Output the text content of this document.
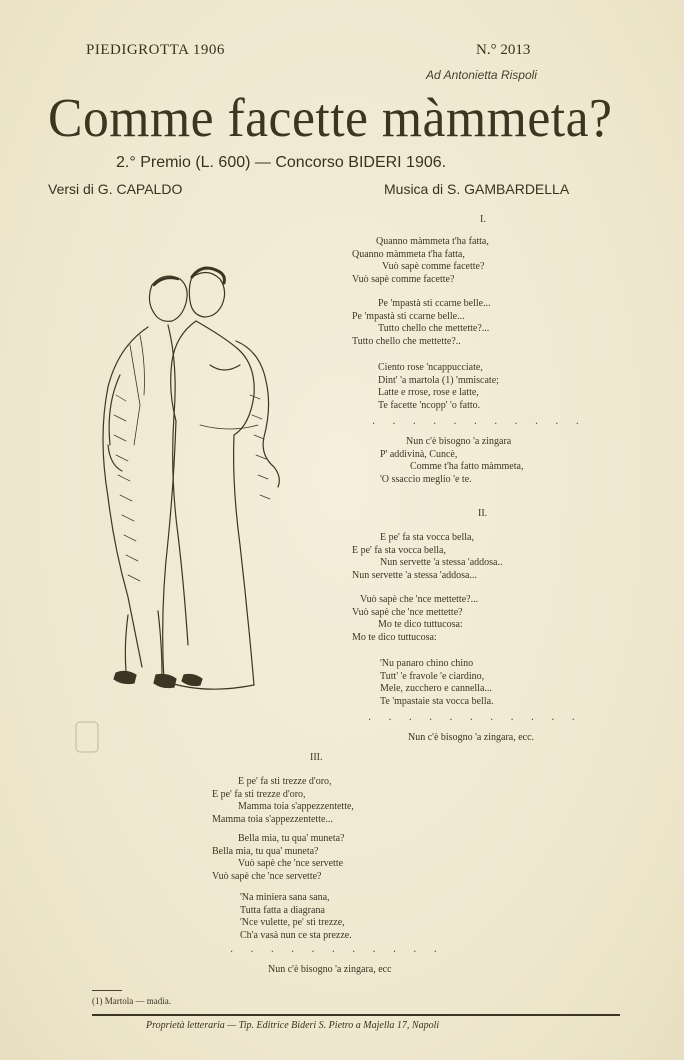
PIEDIGROTTA 1906	N.° 2013
Ad Antonietta Rispoli
Comme facette màmmeta?
2.° Premio (L. 600) — Concorso BIDERI 1906.
Versi di G. CAPALDO	Musica di S. GAMBARDELLA
I.
Quanno màmmeta t'ha fatta,
Quanno màmmeta t'ha fatta,
Vuò sapè comme facette?
Vuò sapè comme facette?
Pe 'mpastà sti ccarne belle...
Pe 'mpastà sti ccarne belle...
Tutto chello che mettette?...
Tutto chello che mettette?..
Ciento rose 'ncappucciate,
Dint' 'a martola (1) 'mmiscate;
Latte e rrose, rose e latte,
Te facette 'ncopp' 'o fatto.
. . . . . . . . . . .
Nun c'è bisogno 'a zingara
P' addivinà, Cuncè,
Comme t'ha fatto màmmeta,
'O ssaccio meglio 'e te.
II.
E pe' fa sta vocca bella,
E pe' fa sta vocca bella,
Nun servette 'a stessa 'addosa..
Nun servette 'a stessa 'addosa...
Vuò sapè che 'nce mettette?...
Vuò sapè che 'nce mettette?
Mo te dico tuttucosa:
Mo te dico tuttucosa:
'Nu panaro chino chino
Tutt' 'e fravole 'e ciardino,
Mele, zucchero e cannella...
Te 'mpastaie sta vocca bella.
. . . . . . . . . . .
Nun c'è bisogno 'a zingara, ecc.
III.
E pe' fa sti trezze d'oro,
E pe' fa sti trezze d'oro,
Mamma toia s'appezzentette,
Mamma toia s'appezzentette...
Bella mia, tu qua' muneta?
Bella mia, tu qua' muneta?
Vuò sapè che 'nce servette
Vuò sapè che 'nce servette?
'Na miniera sana sana,
Tutta fatta a diagrana
'Nce vulette, pe' sti trezze,
Ch'a vasà nun ce sta prezze.
. . . . . . . . . . .
Nun c'è bisogno 'a zingara, ecc
(1) Martola — madia.
Proprietà letteraria — Tip. Editrice Bideri S. Pietro a Majella 17, Napoli
